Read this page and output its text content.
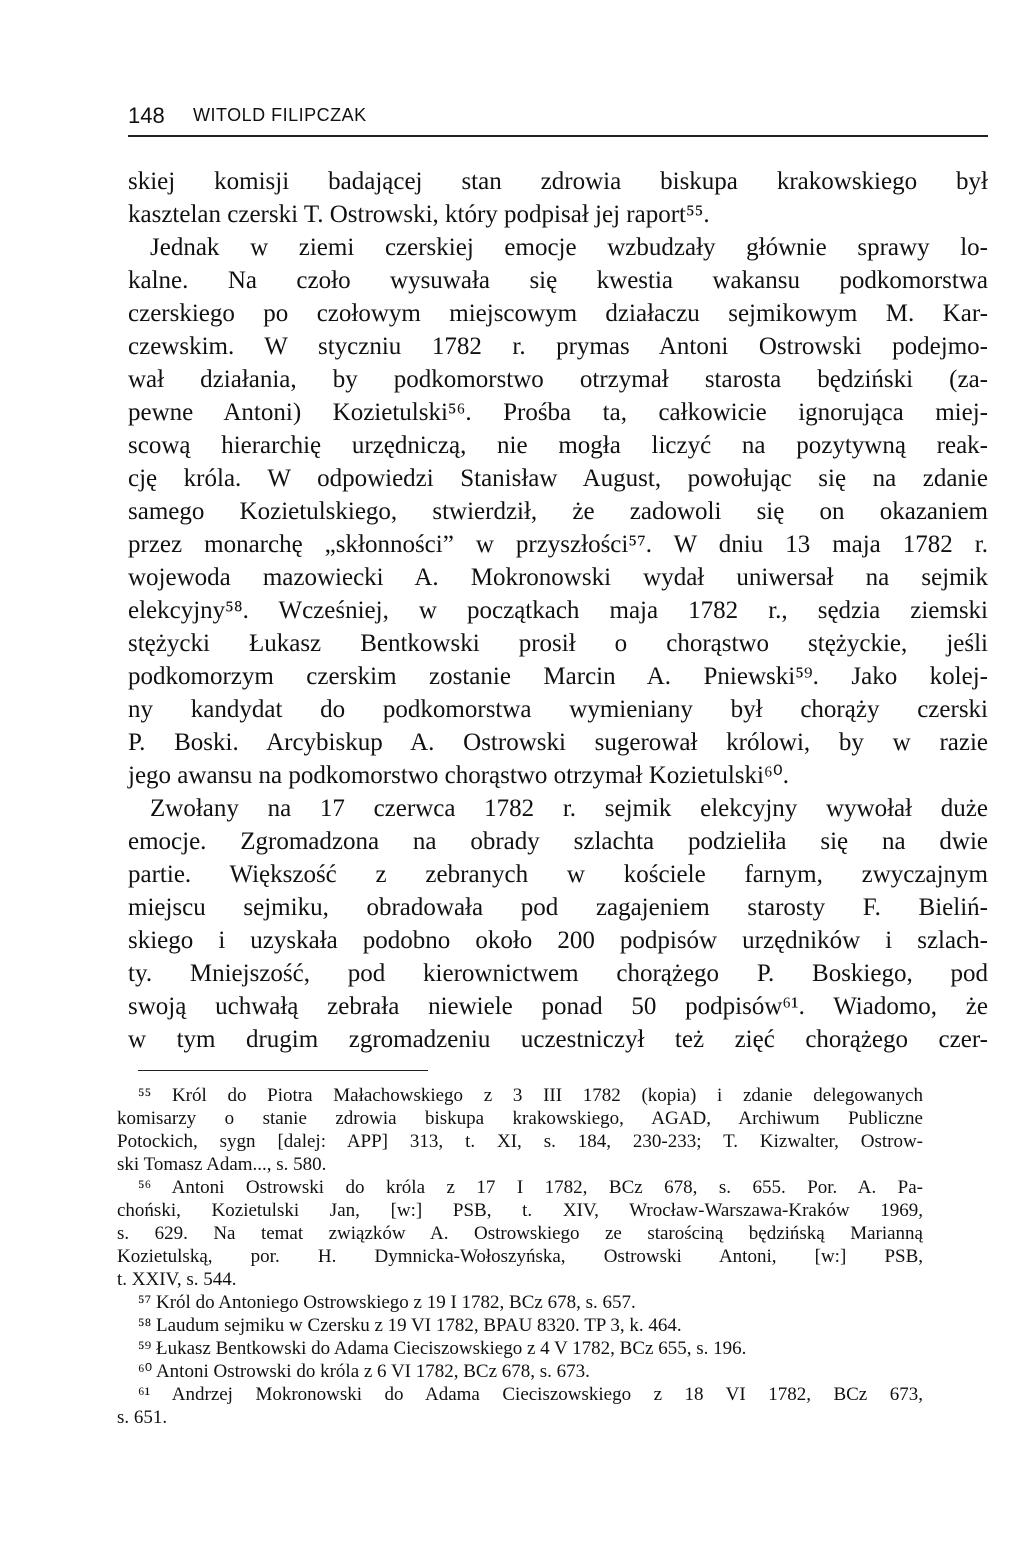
148 WITOLD FILIPCZAK
skiej komisji badającej stan zdrowia biskupa krakowskiego był
kasztelan czerski T. Ostrowski, który podpisał jej raport⁵⁵.
Jednak w ziemi czerskiej emocje wzbudzały głównie sprawy lo-
kalne. Na czoło wysuwała się kwestia wakansu podkomorstwa
czerskiego po czołowym miejscowym działaczu sejmikowym M. Kar-
czewskim. W styczniu 1782 r. prymas Antoni Ostrowski podejmo-
wał działania, by podkomorstwo otrzymał starosta będziński (za-
pewne Antoni) Kozietulski⁵⁶. Prośba ta, całkowicie ignorująca miej-
scową hierarchię urzędniczą, nie mogła liczyć na pozytywną reak-
cję króla. W odpowiedzi Stanisław August, powołując się na zdanie
samego Kozietulskiego, stwierdził, że zadowoli się on okazaniem
przez monarchę „skłonności” w przyszłości⁵⁷. W dniu 13 maja 1782 r.
wojewoda mazowiecki A. Mokronowski wydał uniwersał na sejmik
elekcyjny⁵⁸. Wcześniej, w początkach maja 1782 r., sędzia ziemski
stężycki Łukasz Bentkowski prosił o chorąstwo stężyckie, jeśli
podkomorzym czerskim zostanie Marcin A. Pniewski⁵⁹. Jako kolej-
ny kandydat do podkomorstwa wymieniany był chorąży czerski
P. Boski. Arcybiskup A. Ostrowski sugerował królowi, by w razie
jego awansu na podkomorstwo chorąstwo otrzymał Kozietulski⁶⁰.
Zwołany na 17 czerwca 1782 r. sejmik elekcyjny wywołał duże
emocje. Zgromadzona na obrady szlachta podzieliła się na dwie
partie. Większość z zebranych w kościele farnym, zwyczajnym
miejscu sejmiku, obradowała pod zagajeniem starosty F. Bieliń-
skiego i uzyskała podobno około 200 podpisów urzędników i szlach-
ty. Mniejszość, pod kierownictwem chorążego P. Boskiego, pod
swoją uchwałą zebrała niewiele ponad 50 podpisów⁶¹. Wiadomo, że
w tym drugim zgromadzeniu uczestniczył też zięć chorążego czer-
⁵⁵ Król do Piotra Małachowskiego z 3 III 1782 (kopia) i zdanie delegowanych
komisarzy o stanie zdrowia biskupa krakowskiego, AGAD, Archiwum Publiczne
Potockich, sygn [dalej: APP] 313, t. XI, s. 184, 230-233; T. Kizwalter, Ostrow-
ski Tomasz Adam..., s. 580.
⁵⁶ Antoni Ostrowski do króla z 17 I 1782, BCz 678, s. 655. Por. A. Pa-
choński, Kozietulski Jan, [w:] PSB, t. XIV, Wrocław-Warszawa-Kraków 1969,
s. 629. Na temat związków A. Ostrowskiego ze starościną będzińską Marianną
Kozietulską, por. H. Dymnicka-Wołoszyńska, Ostrowski Antoni, [w:] PSB,
t. XXIV, s. 544.
⁵⁷ Król do Antoniego Ostrowskiego z 19 I 1782, BCz 678, s. 657.
⁵⁸ Laudum sejmiku w Czersku z 19 VI 1782, BPAU 8320. TP 3, k. 464.
⁵⁹ Łukasz Bentkowski do Adama Cieciszowskiego z 4 V 1782, BCz 655, s. 196.
⁶⁰ Antoni Ostrowski do króla z 6 VI 1782, BCz 678, s. 673.
⁶¹ Andrzej Mokronowski do Adama Cieciszowskiego z 18 VI 1782, BCz 673,
s. 651.
